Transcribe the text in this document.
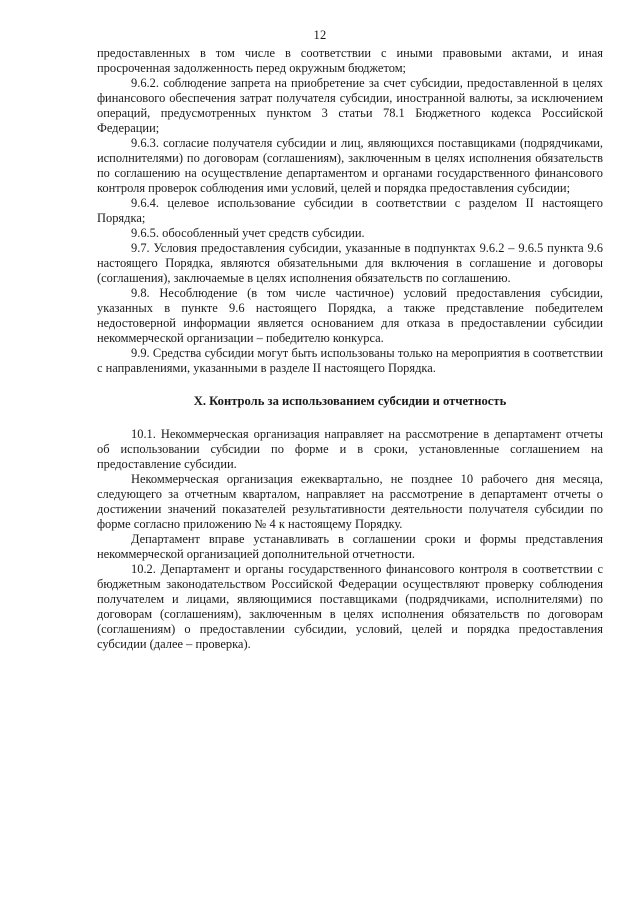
12

предоставленных в том числе в соответствии с иными правовыми актами, и иная просроченная задолженность перед окружным бюджетом;

9.6.2. соблюдение запрета на приобретение за счет субсидии, предоставленной в целях финансового обеспечения затрат получателя субсидии, иностранной валюты, за исключением операций, предусмотренных пунктом 3 статьи 78.1 Бюджетного кодекса Российской Федерации;

9.6.3. согласие получателя субсидии и лиц, являющихся поставщиками (подрядчиками, исполнителями) по договорам (соглашениям), заключенным в целях исполнения обязательств по соглашению на осуществление департаментом и органами государственного финансового контроля проверок соблюдения ими условий, целей и порядка предоставления субсидии;

9.6.4. целевое использование субсидии в соответствии с разделом II настоящего Порядка;

9.6.5. обособленный учет средств субсидии.

9.7. Условия предоставления субсидии, указанные в подпунктах 9.6.2 – 9.6.5 пункта 9.6 настоящего Порядка, являются обязательными для включения в соглашение и договоры (соглашения), заключаемые в целях исполнения обязательств по соглашению.

9.8. Несоблюдение (в том числе частичное) условий предоставления субсидии, указанных в пункте 9.6 настоящего Порядка, а также представление победителем недостоверной информации является основанием для отказа в предоставлении субсидии некоммерческой организации – победителю конкурса.

9.9. Средства субсидии могут быть использованы только на мероприятия в соответствии с направлениями, указанными в разделе II настоящего Порядка.

X. Контроль за использованием субсидии и отчетность

10.1. Некоммерческая организация направляет на рассмотрение в департамент отчеты об использовании субсидии по форме и в сроки, установленные соглашением на предоставление субсидии.

Некоммерческая организация ежеквартально, не позднее 10 рабочего дня месяца, следующего за отчетным кварталом, направляет на рассмотрение в департамент отчеты о достижении значений показателей результативности деятельности получателя субсидии по форме согласно приложению № 4 к настоящему Порядку.

Департамент вправе устанавливать в соглашении сроки и формы представления некоммерческой организацией дополнительной отчетности.

10.2. Департамент и органы государственного финансового контроля в соответствии с бюджетным законодательством Российской Федерации осуществляют проверку соблюдения получателем и лицами, являющимися поставщиками (подрядчиками, исполнителями) по договорам (соглашениям), заключенным в целях исполнения обязательств по договорам (соглашениям) о предоставлении субсидии, условий, целей и порядка предоставления субсидии (далее – проверка).
